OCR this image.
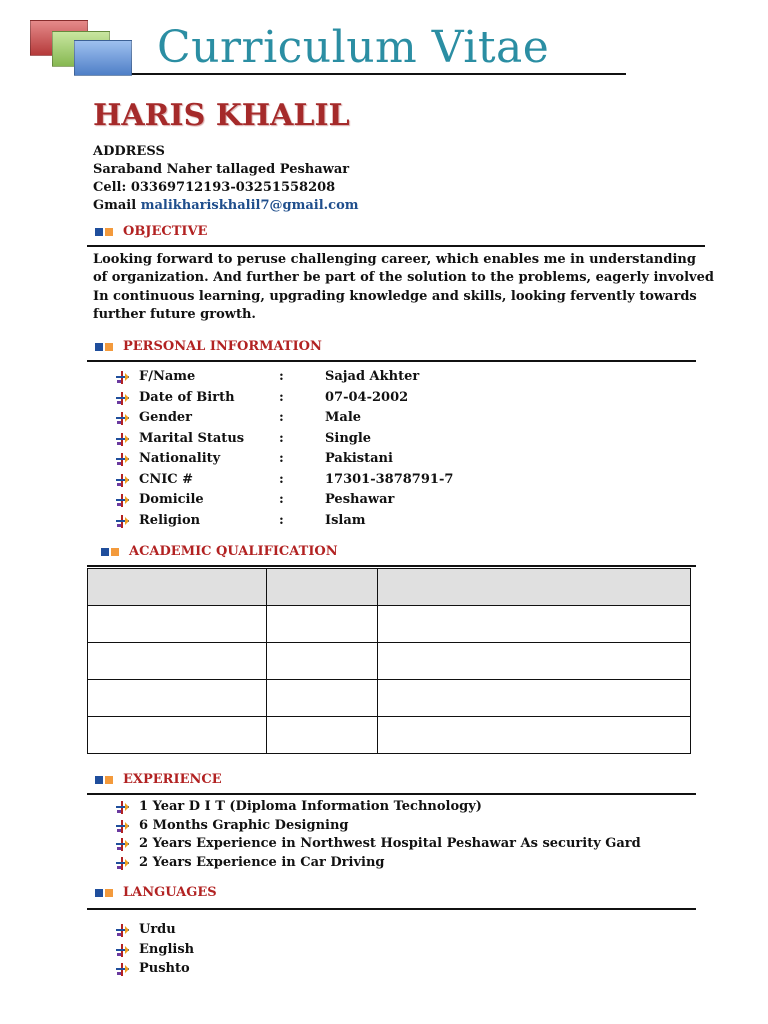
Curriculum Vitae
HARIS KHALIL
ADDRESS
Saraband Naher tallaged Peshawar
Cell: 03369712193-03251558208
Gmail malikhariskhalil7@gmail.com
OBJECTIVE
Looking forward to peruse challenging career, which enables me in understanding
of organization. And further be part of the solution to the problems, eagerly involved
In continuous learning, upgrading knowledge and skills, looking fervently towards
further future growth.
PERSONAL INFORMATION
F/Name	:	Sajad Akhter
Date of Birth	:	07-04-2002
Gender	:	Male
Marital Status	:	Single
Nationality	:	Pakistani
CNIC #	:	17301-3878791-7
Domicile	:	Peshawar
Religion	:	Islam
ACADEMIC QUALIFICATION

EXPERIENCE
1 Year D I T (Diploma Information Technology)
6 Months Graphic Designing
2 Years Experience in Northwest Hospital Peshawar As security Gard
2 Years Experience in Car Driving
LANGUAGES
Urdu
English
Pushto
